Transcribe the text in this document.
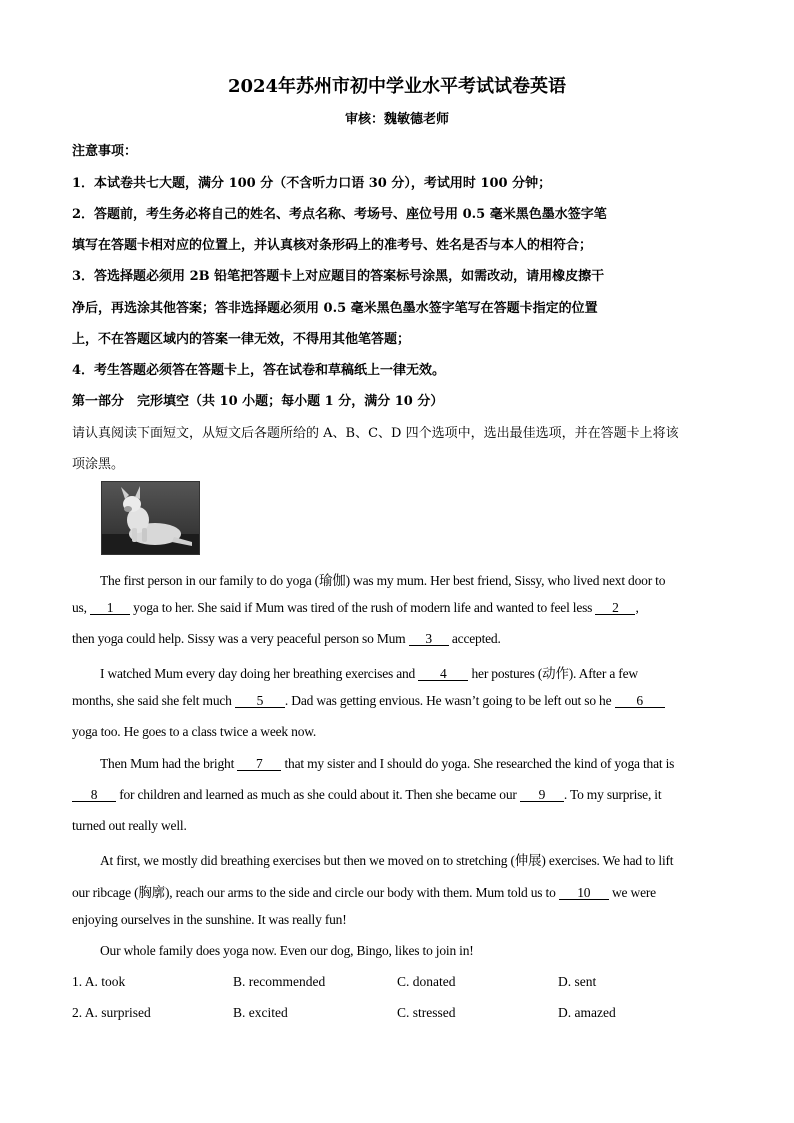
2024年苏州市初中学业水平考试试卷英语
审核：魏敏德老师
注意事项：
1．本试卷共七大题，满分 100 分（不含听力口语 30 分），考试用时 100 分钟；
2．答题前，考生务必将自己的姓名、考点名称、考场号、座位号用 0.5 毫米黑色墨水签字笔
填写在答题卡相对应的位置上，并认真核对条形码上的准考号、姓名是否与本人的相符合；
3．答选择题必须用 2B 铅笔把答题卡上对应题目的答案标号涂黑，如需改动，请用橡皮擦干
净后，再选涂其他答案；答非选择题必须用 0.5 毫米黑色墨水签字笔写在答题卡指定的位置
上，不在答题区域内的答案一律无效，不得用其他笔答题；
4．考生答题必须答在答题卡上，答在试卷和草稿纸上一律无效。
第一部分　完形填空（共 10 小题；每小题 1 分，满分 10 分）
请认真阅读下面短文，从短文后各题所给的 A、B、C、D 四个选项中，选出最佳选项，并在答题卡上将该
项涂黑。
The first person in our family to do yoga (瑜伽) was my mum. Her best friend, Sissy, who lived next door to
us, 1 yoga to her. She said if Mum was tired of the rush of modern life and wanted to feel less 2 ,
then yoga could help. Sissy was a very peaceful person so Mum 3 accepted.
I watched Mum every day doing her breathing exercises and 4 her postures (动作). After a few
months, she said she felt much 5 . Dad was getting envious. He wasn’t going to be left out so he 6
yoga too. He goes to a class twice a week now.
Then Mum had the bright 7 that my sister and I should do yoga. She researched the kind of yoga that is
8 for children and learned as much as she could about it. Then she became our 9 . To my surprise, it
turned out really well.
At first, we mostly did breathing exercises but then we moved on to stretching (伸展) exercises. We had to lift
our ribcage (胸廓), reach our arms to the side and circle our body with them. Mum told us to 10 we were
enjoying ourselves in the sunshine. It was really fun!
Our whole family does yoga now. Even our dog, Bingo, likes to join in!
1. A. took	B. recommended	C. donated	D. sent
2. A. surprised	B. excited	C. stressed	D. amazed
